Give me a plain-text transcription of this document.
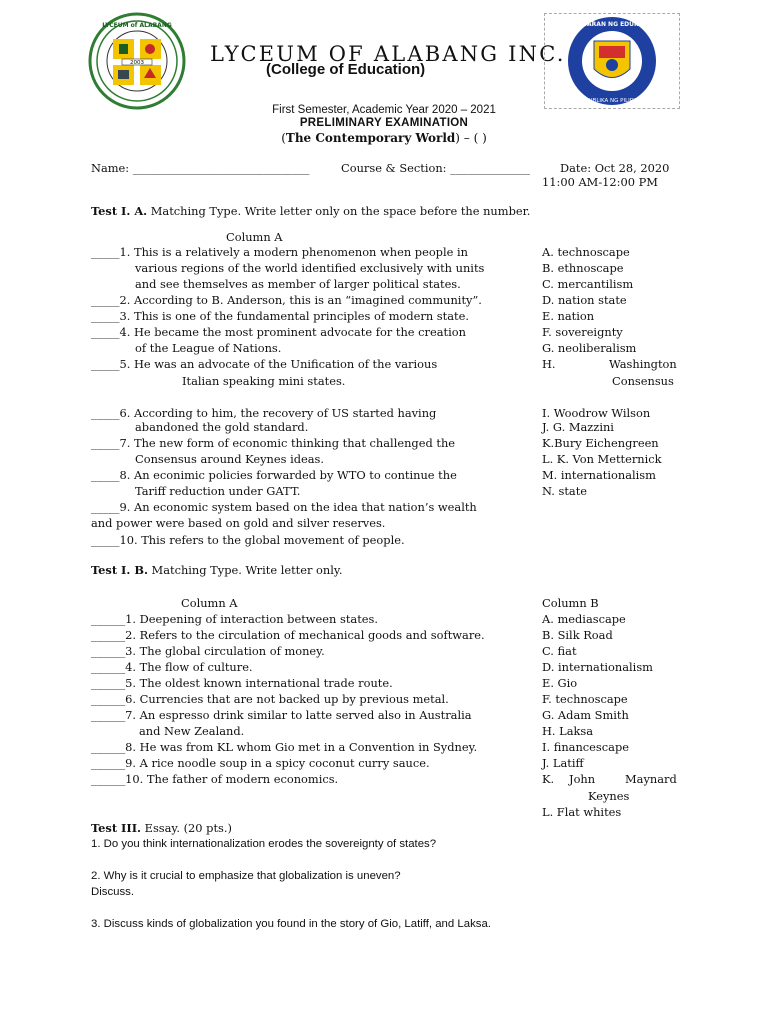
2003
LYCEUM of ALABANG
LYCEUM OF ALABANG INC.
(College of Education)
KAGAWARAN NG EDUKASYON
REPUBLIKA NG PILIPINAS
First Semester, Academic Year 2020 – 2021
PRELIMINARY EXAMINATION
(The Contemporary World) – ( )
Name: _______________________________	Course & Section: ______________	Date: Oct 28, 2020
11:00 AM-12:00 PM
Test I. A. Matching Type. Write letter only on the space before the number.
Column A
_____1. This is a relatively a modern phenomenon when people in
various regions of the world identified exclusively with units
and see themselves as member of larger political states.
_____2. According to B. Anderson, this is an “imagined community”.
_____3. This is one of the fundamental principles of modern state.
_____4. He became the most prominent advocate for the creation
of the League of Nations.
_____5. He was an advocate of the Unification of the various
Italian speaking mini states.
_____6. According to him, the recovery of US started having
abandoned the gold standard.
_____7. The new form of economic thinking that challenged the
Consensus around Keynes ideas.
_____8. An econimic policies forwarded by WTO to continue the
Tariff reduction under GATT.
_____9. An economic system based on the idea that nation’s wealth
and power were based on gold and silver reserves.
_____10. This refers to the global movement of people.
A. technoscape
B. ethnoscape
C. mercantilism
D. nation state
E. nation
F. sovereignty
G. neoliberalism
H.	Washington
Consensus
I. Woodrow Wilson
J. G. Mazzini
K.Bury Eichengreen
L. K. Von Metternick
M. internationalism
N. state
Test I. B. Matching Type. Write letter only.
Column A	Column B
______1. Deepening of interaction between states.
______2. Refers to the circulation of mechanical goods and software.
______3. The global circulation of money.
______4. The flow of culture.
______5. The oldest known international trade route.
______6. Currencies that are not backed up by previous metal.
______7. An espresso drink similar to latte served also in Australia
and New Zealand.
______8. He was from KL whom Gio met in a Convention in Sydney.
______9. A rice noodle soup in a spicy coconut curry sauce.
______10. The father of modern economics.
A. mediascape
B. Silk Road
C. fiat
D. internationalism
E. Gio
F. technoscape
G. Adam Smith
H. Laksa
I. financescape
J. Latiff
K. John	Maynard
Keynes
L. Flat whites
Test III. Essay. (20 pts.)
1. Do you think internationalization erodes the sovereignty of states?
2. Why is it crucial to emphasize that globalization is uneven?
Discuss.
3. Discuss kinds of globalization you found in the story of Gio, Latiff, and Laksa.
